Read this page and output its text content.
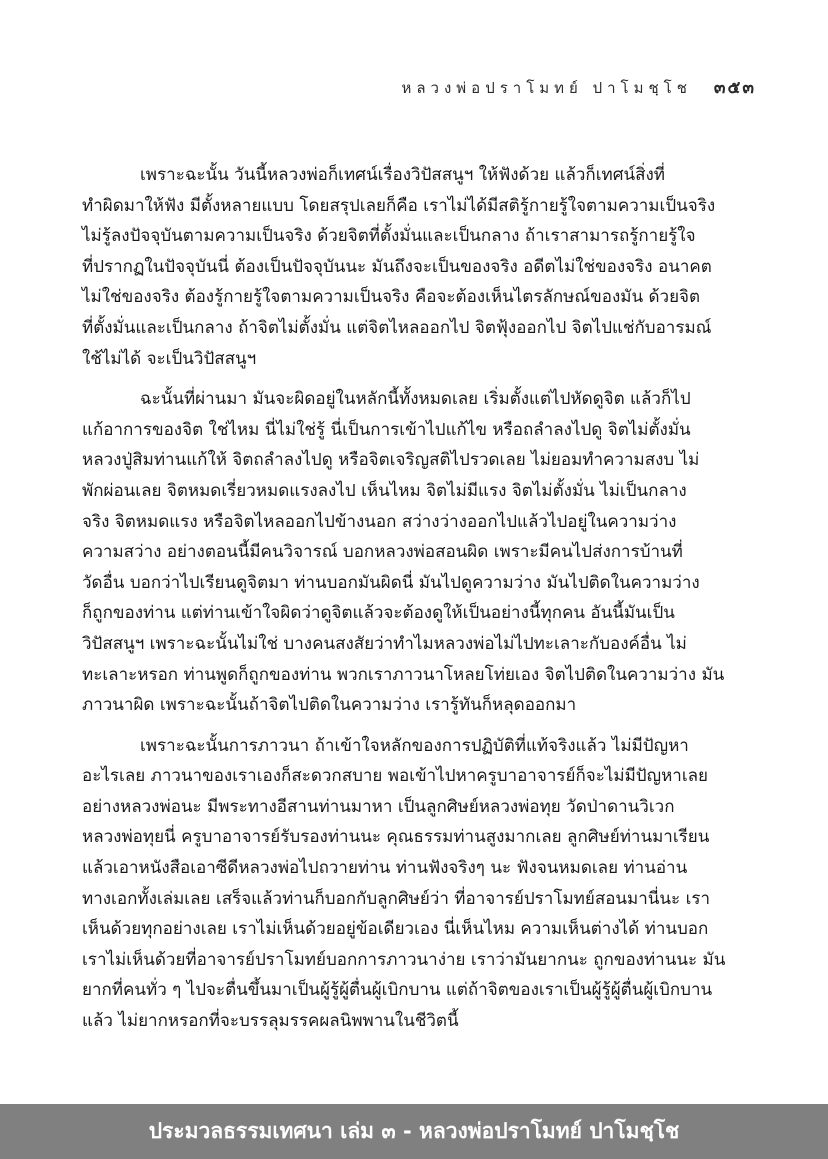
หลวงพ่อปราโมทย์ ปาโมชฺโช ๓๕๓
เพราะฉะนั้น วันนี้หลวงพ่อก็เทศน์เรื่องวิปัสสนูฯ ให้ฟังด้วย แล้วก็เทศน์สิ่งที่
ทำผิดมาให้ฟัง มีตั้งหลายแบบ โดยสรุปเลยก็คือ เราไม่ได้มีสติรู้กายรู้ใจตามความเป็นจริง
ไม่รู้ลงปัจจุบันตามความเป็นจริง ด้วยจิตที่ตั้งมั่นและเป็นกลาง ถ้าเราสามารถรู้กายรู้ใจ
ที่ปรากฏในปัจจุบันนี่ ต้องเป็นปัจจุบันนะ มันถึงจะเป็นของจริง อดีตไม่ใช่ของจริง อนาคต
ไม่ใช่ของจริง ต้องรู้กายรู้ใจตามความเป็นจริง คือจะต้องเห็นไตรลักษณ์ของมัน ด้วยจิต
ที่ตั้งมั่นและเป็นกลาง ถ้าจิตไม่ตั้งมั่น แต่จิตไหลออกไป จิตฟุ้งออกไป จิตไปแช่กับอารมณ์
ใช้ไม่ได้ จะเป็นวิปัสสนูฯ
ฉะนั้นที่ผ่านมา มันจะผิดอยู่ในหลักนี้ทั้งหมดเลย เริ่มตั้งแต่ไปหัดดูจิต แล้วก็ไป
แก้อาการของจิต ใช่ไหม นี่ไม่ใช่รู้ นี่เป็นการเข้าไปแก้ไข หรือถลำลงไปดู จิตไม่ตั้งมั่น
หลวงปู่สิมท่านแก้ให้ จิตถลำลงไปดู หรือจิตเจริญสติไปรวดเลย ไม่ยอมทำความสงบ ไม่
พักผ่อนเลย จิตหมดเรี่ยวหมดแรงลงไป เห็นไหม จิตไม่มีแรง จิตไม่ตั้งมั่น ไม่เป็นกลาง
จริง จิตหมดแรง หรือจิตไหลออกไปข้างนอก สว่างว่างออกไปแล้วไปอยู่ในความว่าง
ความสว่าง อย่างตอนนี้มีคนวิจารณ์ บอกหลวงพ่อสอนผิด เพราะมีคนไปส่งการบ้านที่
วัดอื่น บอกว่าไปเรียนดูจิตมา ท่านบอกมันผิดนี่ มันไปดูความว่าง มันไปติดในความว่าง
ก็ถูกของท่าน แต่ท่านเข้าใจผิดว่าดูจิตแล้วจะต้องดูให้เป็นอย่างนี้ทุกคน อันนี้มันเป็น
วิปัสสนูฯ เพราะฉะนั้นไม่ใช่ บางคนสงสัยว่าทำไมหลวงพ่อไม่ไปทะเลาะกับองค์อื่น ไม่
ทะเลาะหรอก ท่านพูดก็ถูกของท่าน พวกเราภาวนาโหลยโท่ยเอง จิตไปติดในความว่าง มัน
ภาวนาผิด เพราะฉะนั้นถ้าจิตไปติดในความว่าง เรารู้ทันก็หลุดออกมา
เพราะฉะนั้นการภาวนา ถ้าเข้าใจหลักของการปฏิบัติที่แท้จริงแล้ว ไม่มีปัญหา
อะไรเลย ภาวนาของเราเองก็สะดวกสบาย พอเข้าไปหาครูบาอาจารย์ก็จะไม่มีปัญหาเลย
อย่างหลวงพ่อนะ มีพระทางอีสานท่านมาหา เป็นลูกศิษย์หลวงพ่อทุย วัดป่าดานวิเวก
หลวงพ่อทุยนี่ ครูบาอาจารย์รับรองท่านนะ คุณธรรมท่านสูงมากเลย ลูกศิษย์ท่านมาเรียน
แล้วเอาหนังสือเอาซีดีหลวงพ่อไปถวายท่าน ท่านฟังจริงๆ นะ ฟังจนหมดเลย ท่านอ่าน
ทางเอกทั้งเล่มเลย เสร็จแล้วท่านก็บอกกับลูกศิษย์ว่า ที่อาจารย์ปราโมทย์สอนมานี่นะ เรา
เห็นด้วยทุกอย่างเลย เราไม่เห็นด้วยอยู่ข้อเดียวเอง นี่เห็นไหม ความเห็นต่างได้ ท่านบอก
เราไม่เห็นด้วยที่อาจารย์ปราโมทย์บอกการภาวนาง่าย เราว่ามันยากนะ ถูกของท่านนะ มัน
ยากที่คนทั่ว ๆ ไปจะตื่นขึ้นมาเป็นผู้รู้ผู้ตื่นผู้เบิกบาน แต่ถ้าจิตของเราเป็นผู้รู้ผู้ตื่นผู้เบิกบาน
แล้ว ไม่ยากหรอกที่จะบรรลุมรรคผลนิพพานในชีวิตนี้
ประมวลธรรมเทศนา เล่ม ๓ - หลวงพ่อปราโมทย์ ปาโมชฺโช
